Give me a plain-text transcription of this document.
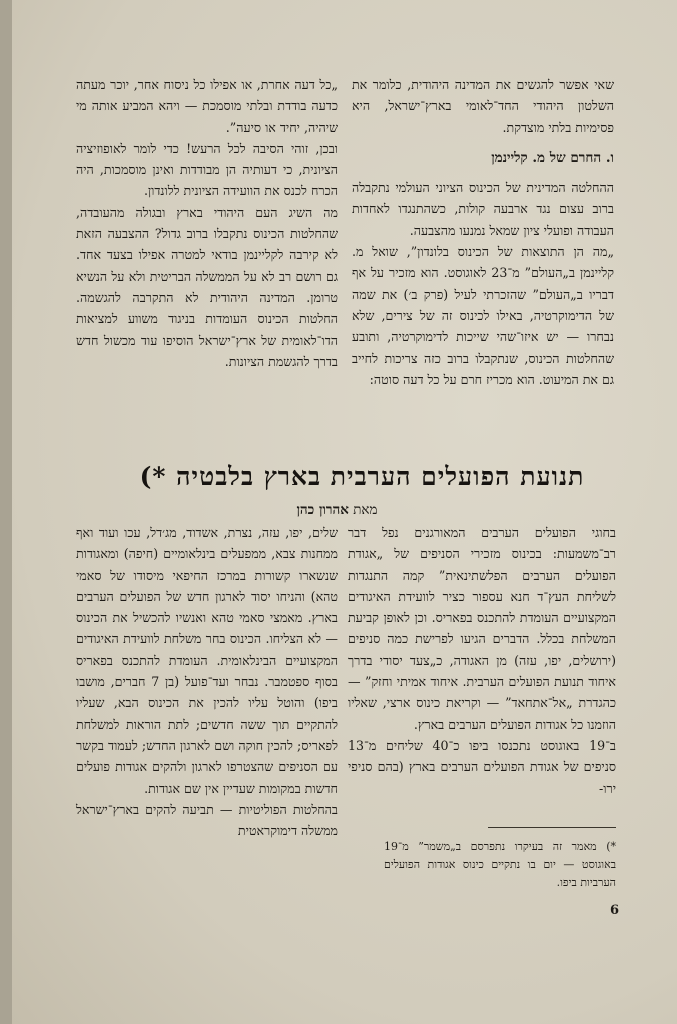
שאי אפשר להגשים את המדינה היהודית, כלומר את השלטון היהודי החד־לאומי בארץ־ישראל, היא פסימיות בלתי מוצדקת.

ו. החרם של מ. קליינמן

ההחלטה המדינית של הכינוס הציוני העולמי נתקבלה ברוב עצום נגד ארבעה קולות, כשהתנגדו לאחדות העבודה ופועלי ציון שמאל נמנעו מהצבעה.

„מה הן התוצאות של הכינוס בלונדון”, שואל מ. קליינמן ב„העולם” מ־23 לאוגוסט. הוא מזכיר על אף דבריו ב„העולם” שהזכרתי לעיל (פרק ב׳) את שמה של הדימוקרטיה, באילו לכינוס זה של צירים, שלא נבחרו — יש איזו־שהי שייכות לדימוקרטיה, ותובע שהחלטות הכינוס, שנתקבלו ברוב כזה צריכות לחייב גם את המיעוט. הוא מכריז חרם על כל דעה סוטה:

„כל דעה אחרת, או אפילו כל ניסוח אחר, יוכר מעתה כדעה בודדת ובלתי מוסמכת — ויהא המביע אותה מי שיהיה, יחיד או סיעה”.

ובכן, זוהי הסיבה לכל הרעש! כדי לומר לאופוזיציה הציונית, כי דעותיה הן מבודדות ואינן מוסמכות, היה הכרח לכנס את הוועידה הציונית ללונדון.

מה השיג העם היהודי בארץ ובגולה מהעובדה, שהחלטות הכינוס נתקבלו ברוב גדול? ההצבעה הזאת לא קירבה לקליינמן בודאי למטרה אפילו בצעד אחד. גם רושם רב לא על הממשלה הבריטית ולא על הנשיא טרומן. המדינה היהודית לא התקרבה להגשמה. החלטות הכינוס העומדות בניגוד משווע למציאות הדו־לאומית של ארץ־ישראל הוסיפו עוד מכשול חדש בדרך להגשמת הציונות.

תנועת הפועלים הערבית בארץ בלבטיה *)
מאת אהרון כהן

בחוגי הפועלים הערבים המאורגנים נפל דבר רב־משמעות: בכינוס מזכירי הסניפים של „אגודת הפועלים הערבים הפלשתינאית” קמה התנגדות לשליחת העץ־ד חנא עספור כציר לוועידת האיגודים המקצועיים העומדת להתכנס בפאריס. וכן לאופן קביעת המשלחת בכלל. הדברים הגיעו לפרישת כמה סניפים (ירושלים, יפו, עזה) מן האגודה, כ„צעד יסודי בדרך איחוד תנועת הפועלים הערבית. איחוד אמיתי וחזק” — כהגדרת „אל־אתחאד” — וקריאת כינוס ארצי, שאליו הוזמנו כל אגודות הפועלים הערבים בארץ.

ב־19 באוגוסט נתכנסו ביפו כ־40 שליחים מ־13 סניפים של אגודת הפועלים הערבים בארץ (בהם סניפי ירו-

שלים, יפו, עזה, נצרת, אשדוד, מג׳דל, עכו ועוד ואף ממחנות צבא, ממפעלים בינלאומיים (חיפה) ומאגודות שנשארו קשורות במרכז החיפאי מיסודו של סאמי טהא) והניחו יסוד לארגון חדש של הפועלים הערבים בארץ. מאמצי סאמי טהא ואנשיו להכשיל את הכינוס — לא הצליחו. הכינוס בחר משלחת לוועידת האיגודים המקצועיים הבינלאומית. העומדת להתכנס בפאריס בסוף ספטמבר. נבחר ועד־פועל (בן 7 חברים, מושבו ביפו) והוטל עליו להכין את הכינוס הבא, שעליו להתקיים תוך ששה חדשים; לתת הוראות למשלחת לפאריס; להכין חוקה ושם לארגון החדש; לעמוד בקשר עם הסניפים שהצטרפו לארגון ולהקים אגודות פועלים חדשות במקומות שעדיין אין שם אגודות.

בהחלטות הפוליטיות — תביעה להקים בארץ־ישראל ממשלה דימוקראטית

*) מאמר זה בעיקרו נתפרסם ב„משמר” מ־19 באוגוסט — יום בו נתקיים כינוס אגודות הפועלים הערביות ביפו.
6
